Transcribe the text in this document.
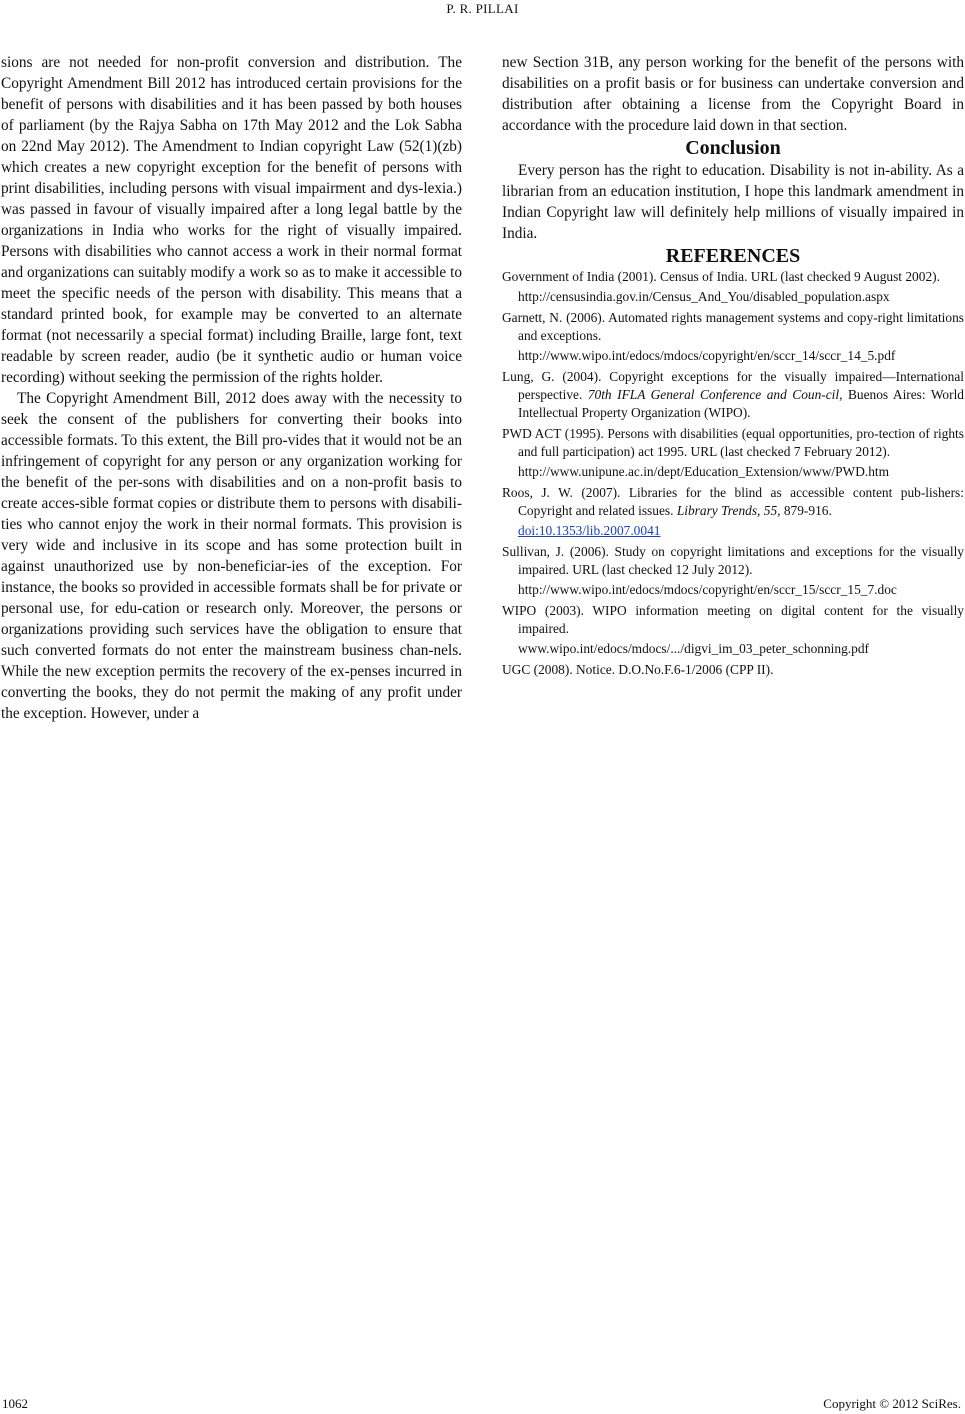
P. R. PILLAI

sions are not needed for non-profit conversion and distribution. The Copyright Amendment Bill 2012 has introduced certain provisions for the benefit of persons with disabilities and it has been passed by both houses of parliament (by the Rajya Sabha on 17th May 2012 and the Lok Sabha on 22nd May 2012). The Amendment to Indian copyright Law (52(1)(zb) which creates a new copyright exception for the benefit of persons with print disabilities, including persons with visual impairment and dys-lexia.) was passed in favour of visually impaired after a long legal battle by the organizations in India who works for the right of visually impaired. Persons with disabilities who cannot access a work in their normal format and organizations can suitably modify a work so as to make it accessible to meet the specific needs of the person with disability. This means that a standard printed book, for example may be converted to an alternate format (not necessarily a special format) including Braille, large font, text readable by screen reader, audio (be it synthetic audio or human voice recording) without seeking the permission of the rights holder.

The Copyright Amendment Bill, 2012 does away with the necessity to seek the consent of the publishers for converting their books into accessible formats. To this extent, the Bill pro-vides that it would not be an infringement of copyright for any person or any organization working for the benefit of the per-sons with disabilities and on a non-profit basis to create acces-sible format copies or distribute them to persons with disabili-ties who cannot enjoy the work in their normal formats. This provision is very wide and inclusive in its scope and has some protection built in against unauthorized use by non-beneficiar-ies of the exception. For instance, the books so provided in accessible formats shall be for private or personal use, for edu-cation or research only. Moreover, the persons or organizations providing such services have the obligation to ensure that such converted formats do not enter the mainstream business chan-nels. While the new exception permits the recovery of the ex-penses incurred in converting the books, they do not permit the making of any profit under the exception. However, under a

new Section 31B, any person working for the benefit of the persons with disabilities on a profit basis or for business can undertake conversion and distribution after obtaining a license from the Copyright Board in accordance with the procedure laid down in that section.

Conclusion

Every person has the right to education. Disability is not in-ability. As a librarian from an education institution, I hope this landmark amendment in Indian Copyright law will definitely help millions of visually impaired in India.

REFERENCES
Government of India (2001). Census of India. URL (last checked 9 August 2002).
http://censusindia.gov.in/Census_And_You/disabled_population.aspx
Garnett, N. (2006). Automated rights management systems and copy-right limitations and exceptions.
http://www.wipo.int/edocs/mdocs/copyright/en/sccr_14/sccr_14_5.pdf
Lung, G. (2004). Copyright exceptions for the visually impaired—International perspective. 70th IFLA General Conference and Coun-cil, Buenos Aires: World Intellectual Property Organization (WIPO).
PWD ACT (1995). Persons with disabilities (equal opportunities, pro-tection of rights and full participation) act 1995. URL (last checked 7 February 2012).
http://www.unipune.ac.in/dept/Education_Extension/www/PWD.htm
Roos, J. W. (2007). Libraries for the blind as accessible content pub-lishers: Copyright and related issues. Library Trends, 55, 879-916.
doi:10.1353/lib.2007.0041
Sullivan, J. (2006). Study on copyright limitations and exceptions for the visually impaired. URL (last checked 12 July 2012).
http://www.wipo.int/edocs/mdocs/copyright/en/sccr_15/sccr_15_7.doc
WIPO (2003). WIPO information meeting on digital content for the visually impaired.
www.wipo.int/edocs/mdocs/.../digvi_im_03_peter_schonning.pdf
UGC (2008). Notice. D.O.No.F.6-1/2006 (CPP II).
1062	Copyright © 2012 SciRes.
